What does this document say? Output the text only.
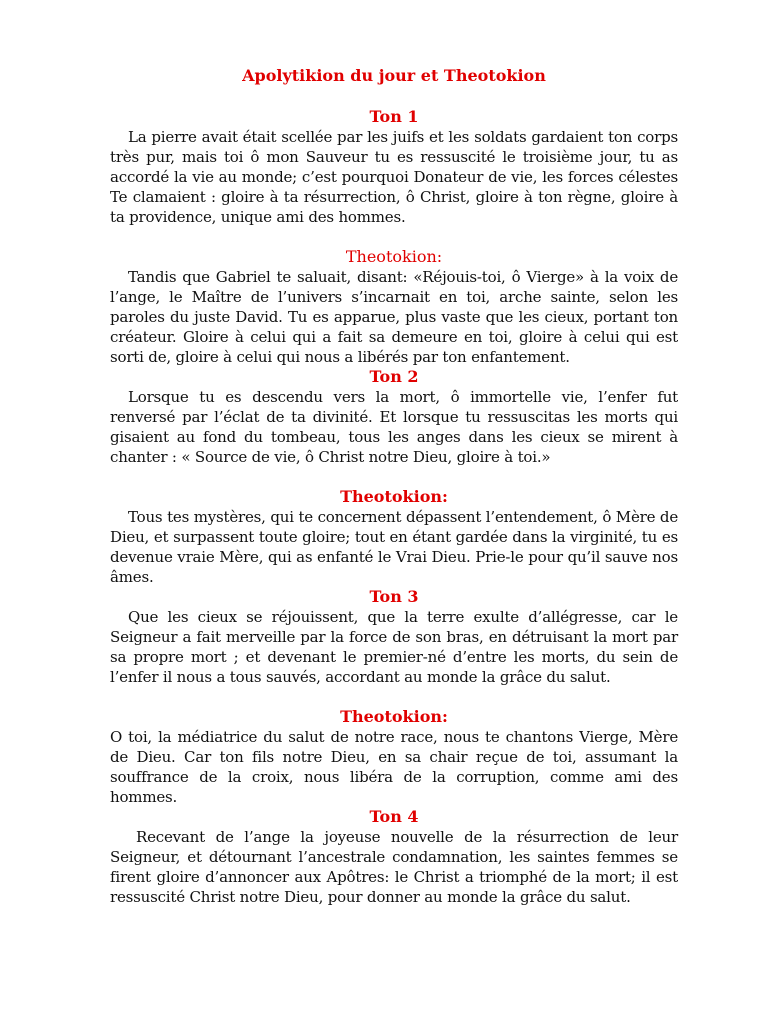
Apolytikion du jour et Theotokion
Ton 1

La pierre avait était scellée par les juifs et les soldats gardaient ton corps très pur, mais toi ô mon Sauveur tu es ressuscité le troisième jour, tu as accordé la vie au monde; c’est pourquoi Donateur de vie, les forces célestes Te clamaient : gloire à ta résurrection, ô Christ, gloire à ton règne, gloire à ta providence, unique ami des hommes.

Theotokion:

Tandis que Gabriel te saluait, disant: «Réjouis-toi, ô Vierge» à la voix de l’ange, le Maître de l’univers s’incarnait en toi, arche sainte, selon les paroles du juste David. Tu es apparue, plus vaste que les cieux, portant ton créateur. Gloire à celui qui a fait sa demeure en toi, gloire à celui qui est sorti de, gloire à celui qui nous a libérés par ton enfantement.

Ton 2

Lorsque tu es descendu vers la mort, ô immortelle vie, l’enfer fut renversé par l’éclat de ta divinité. Et lorsque tu ressuscitas les morts qui gisaient au fond du tombeau, tous les anges dans les cieux se mirent à chanter : « Source de vie, ô Christ notre Dieu, gloire à toi.»

Theotokion:

Tous tes mystères, qui te concernent dépassent l’entendement, ô Mère de Dieu, et surpassent toute gloire; tout en étant gardée dans la virginité, tu es devenue vraie Mère, qui as enfanté le Vrai Dieu. Prie-le pour qu’il sauve nos âmes.

Ton 3

Que les cieux se réjouissent, que la terre exulte d’allégresse, car le Seigneur a fait merveille par la force de son bras, en détruisant la mort par sa propre mort ; et devenant le premier-né d’entre les morts, du sein de l’enfer il nous a tous sauvés, accordant au monde la grâce du salut.

Theotokion:

O toi, la médiatrice du salut de notre race, nous te chantons Vierge, Mère de Dieu. Car ton fils notre Dieu, en sa chair reçue de toi, assumant la souffrance de la croix, nous libéra de la corruption, comme ami des hommes.

Ton 4

Recevant de l’ange la joyeuse nouvelle de la résurrection de leur Seigneur, et détournant l’ancestrale condamnation, les saintes femmes se firent gloire d’annoncer aux Apôtres: le Christ a triomphé de la mort; il est ressuscité Christ notre Dieu, pour donner au monde la grâce du salut.
